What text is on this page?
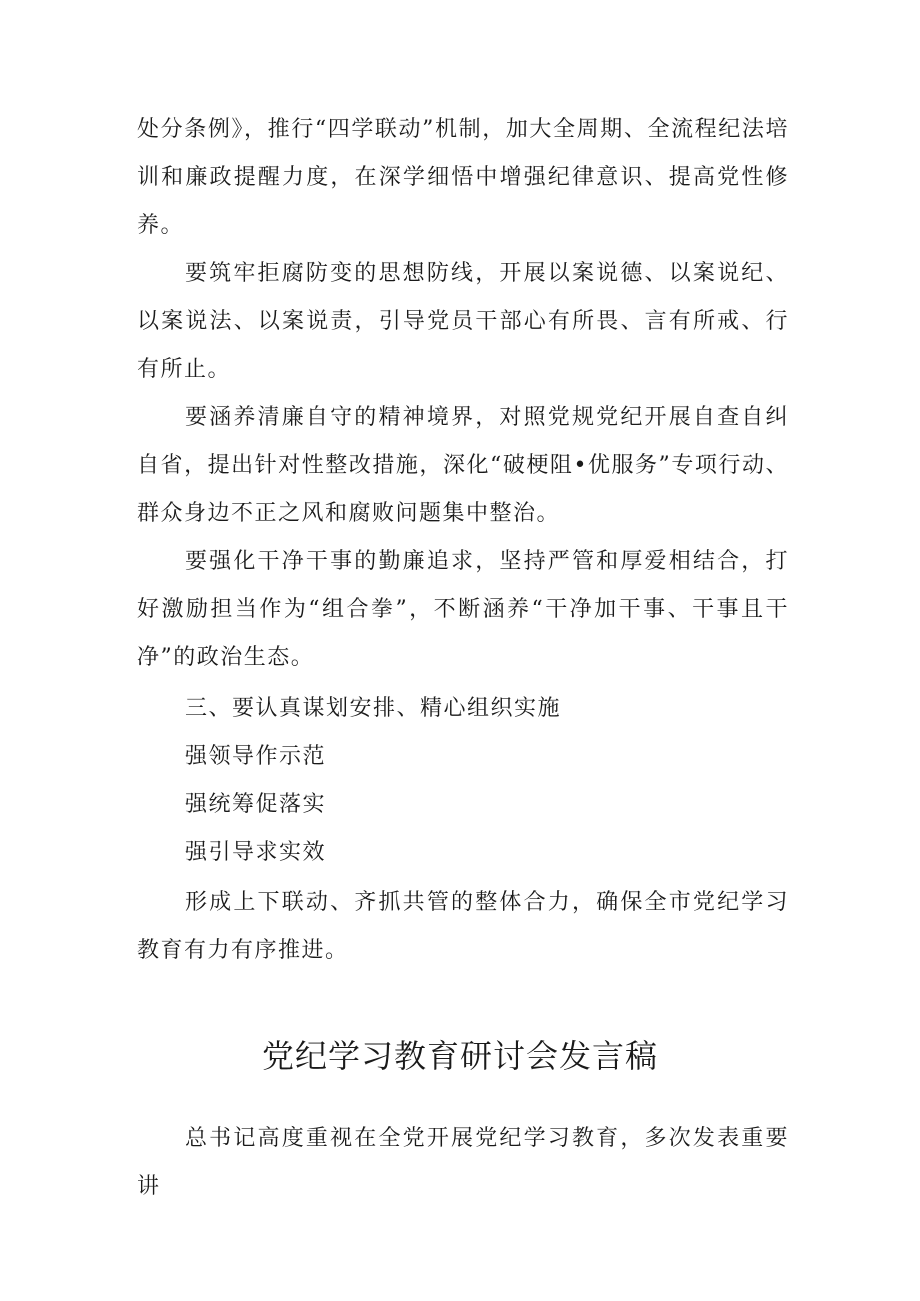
处分条例》，推行“四学联动”机制，加大全周期、全流程纪法培训和廉政提醒力度，在深学细悟中增强纪律意识、提高党性修养。

要筑牢拒腐防变的思想防线，开展以案说德、以案说纪、以案说法、以案说责，引导党员干部心有所畏、言有所戒、行有所止。

要涵养清廉自守的精神境界，对照党规党纪开展自查自纠自省，提出针对性整改措施，深化“破梗阻•优服务”专项行动、群众身边不正之风和腐败问题集中整治。

要强化干净干事的勤廉追求，坚持严管和厚爱相结合，打好激励担当作为“组合拳”，不断涵养“干净加干事、干事且干净”的政治生态。

三、要认真谋划安排、精心组织实施

强领导作示范

强统筹促落实

强引导求实效

形成上下联动、齐抓共管的整体合力，确保全市党纪学习教育有力有序推进。

党纪学习教育研讨会发言稿

总书记高度重视在全党开展党纪学习教育，多次发表重要讲
